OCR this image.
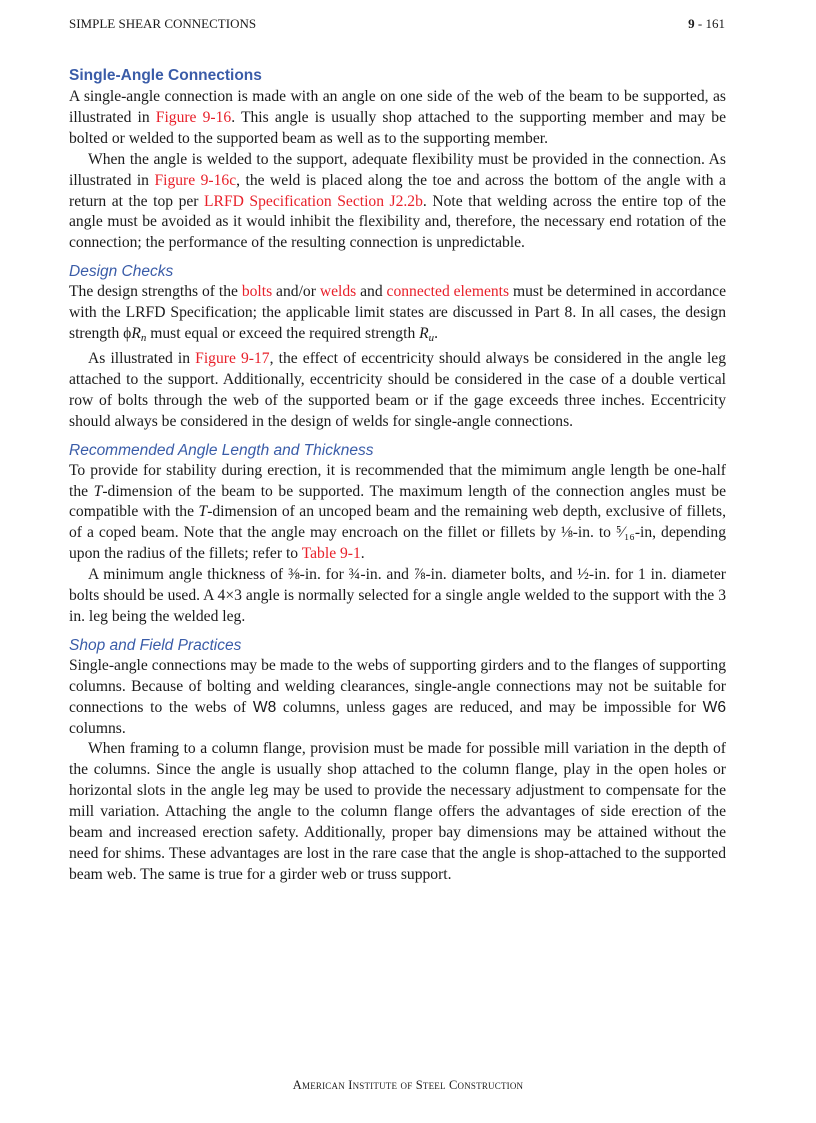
SIMPLE SHEAR CONNECTIONS	9 - 161
Single-Angle Connections

A single-angle connection is made with an angle on one side of the web of the beam to be supported, as illustrated in Figure 9-16. This angle is usually shop attached to the supporting member and may be bolted or welded to the supported beam as well as to the supporting member.

When the angle is welded to the support, adequate flexibility must be provided in the connection. As illustrated in Figure 9-16c, the weld is placed along the toe and across the bottom of the angle with a return at the top per LRFD Specification Section J2.2b. Note that welding across the entire top of the angle must be avoided as it would inhibit the flexibility and, therefore, the necessary end rotation of the connection; the performance of the resulting connection is unpredictable.

Design Checks

The design strengths of the bolts and/or welds and connected elements must be determined in accordance with the LRFD Specification; the applicable limit states are discussed in Part 8. In all cases, the design strength $\phi R_n$ must equal or exceed the required strength $R_u$.

As illustrated in Figure 9-17, the effect of eccentricity should always be considered in the angle leg attached to the support. Additionally, eccentricity should be considered in the case of a double vertical row of bolts through the web of the supported beam or if the gage exceeds three inches. Eccentricity should always be considered in the design of welds for single-angle connections.

Recommended Angle Length and Thickness

To provide for stability during erection, it is recommended that the mimimum angle length be one-half the T-dimension of the beam to be supported. The maximum length of the connection angles must be compatible with the T-dimension of an uncoped beam and the remaining web depth, exclusive of fillets, of a coped beam. Note that the angle may encroach on the fillet or fillets by ⅛-in. to ⁵⁄₁₆-in, depending upon the radius of the fillets; refer to Table 9-1.

A minimum angle thickness of ⅜-in. for ¾-in. and ⅞-in. diameter bolts, and ½-in. for 1 in. diameter bolts should be used. A 4×3 angle is normally selected for a single angle welded to the support with the 3 in. leg being the welded leg.

Shop and Field Practices

Single-angle connections may be made to the webs of supporting girders and to the flanges of supporting columns. Because of bolting and welding clearances, single-angle connections may not be suitable for connections to the webs of W8 columns, unless gages are reduced, and may be impossible for W6 columns.

When framing to a column flange, provision must be made for possible mill variation in the depth of the columns. Since the angle is usually shop attached to the column flange, play in the open holes or horizontal slots in the angle leg may be used to provide the necessary adjustment to compensate for the mill variation. Attaching the angle to the column flange offers the advantages of side erection of the beam and increased erection safety. Additionally, proper bay dimensions may be attained without the need for shims. These advantages are lost in the rare case that the angle is shop-attached to the supported beam web. The same is true for a girder web or truss support.

American Institute of Steel Construction
